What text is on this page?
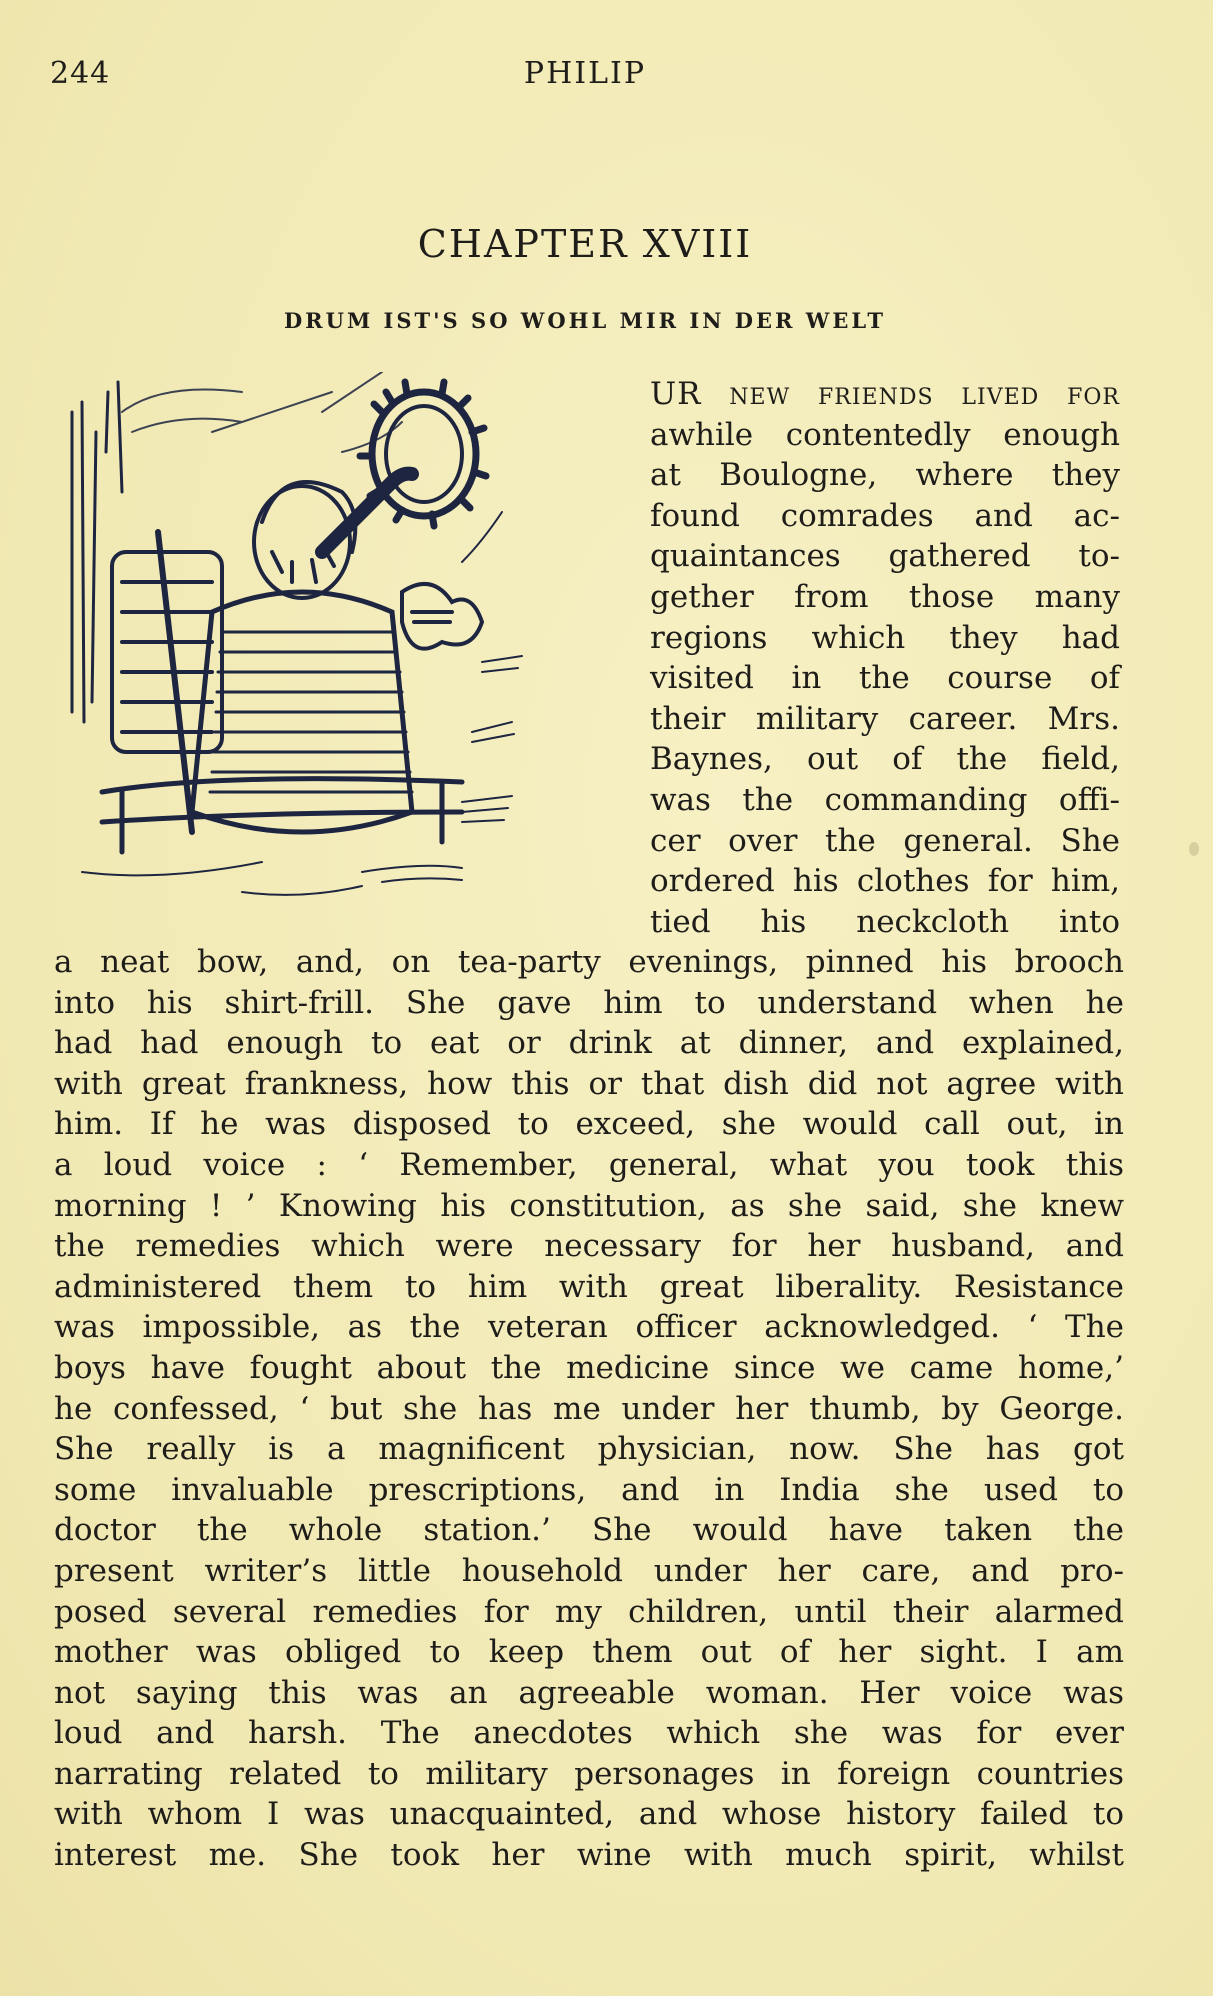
244	PHILIP
CHAPTER XVIII
DRUM IST'S SO WOHL MIR IN DER WELT
UR new friends lived for
awhile contentedly enough
at Boulogne, where they
found comrades and ac-
quaintances gathered to-
gether from those many
regions which they had
visited in the course of
their military career. Mrs.
Baynes, out of the field,
was the commanding offi-
cer over the general. She
ordered his clothes for him,
tied his neckcloth into
a neat bow, and, on tea-party evenings, pinned his brooch
into his shirt-frill. She gave him to understand when he
had had enough to eat or drink at dinner, and explained,
with great frankness, how this or that dish did not agree with
him. If he was disposed to exceed, she would call out, in
a loud voice : ‘ Remember, general, what you took this
morning ! ’ Knowing his constitution, as she said, she knew
the remedies which were necessary for her husband, and
administered them to him with great liberality. Resistance
was impossible, as the veteran officer acknowledged. ‘ The
boys have fought about the medicine since we came home,’
he confessed, ‘ but she has me under her thumb, by George.
She really is a magnificent physician, now. She has got
some invaluable prescriptions, and in India she used to
doctor the whole station.’ She would have taken the
present writer’s little household under her care, and pro-
posed several remedies for my children, until their alarmed
mother was obliged to keep them out of her sight. I am
not saying this was an agreeable woman. Her voice was
loud and harsh. The anecdotes which she was for ever
narrating related to military personages in foreign countries
with whom I was unacquainted, and whose history failed to
interest me. She took her wine with much spirit, whilst
